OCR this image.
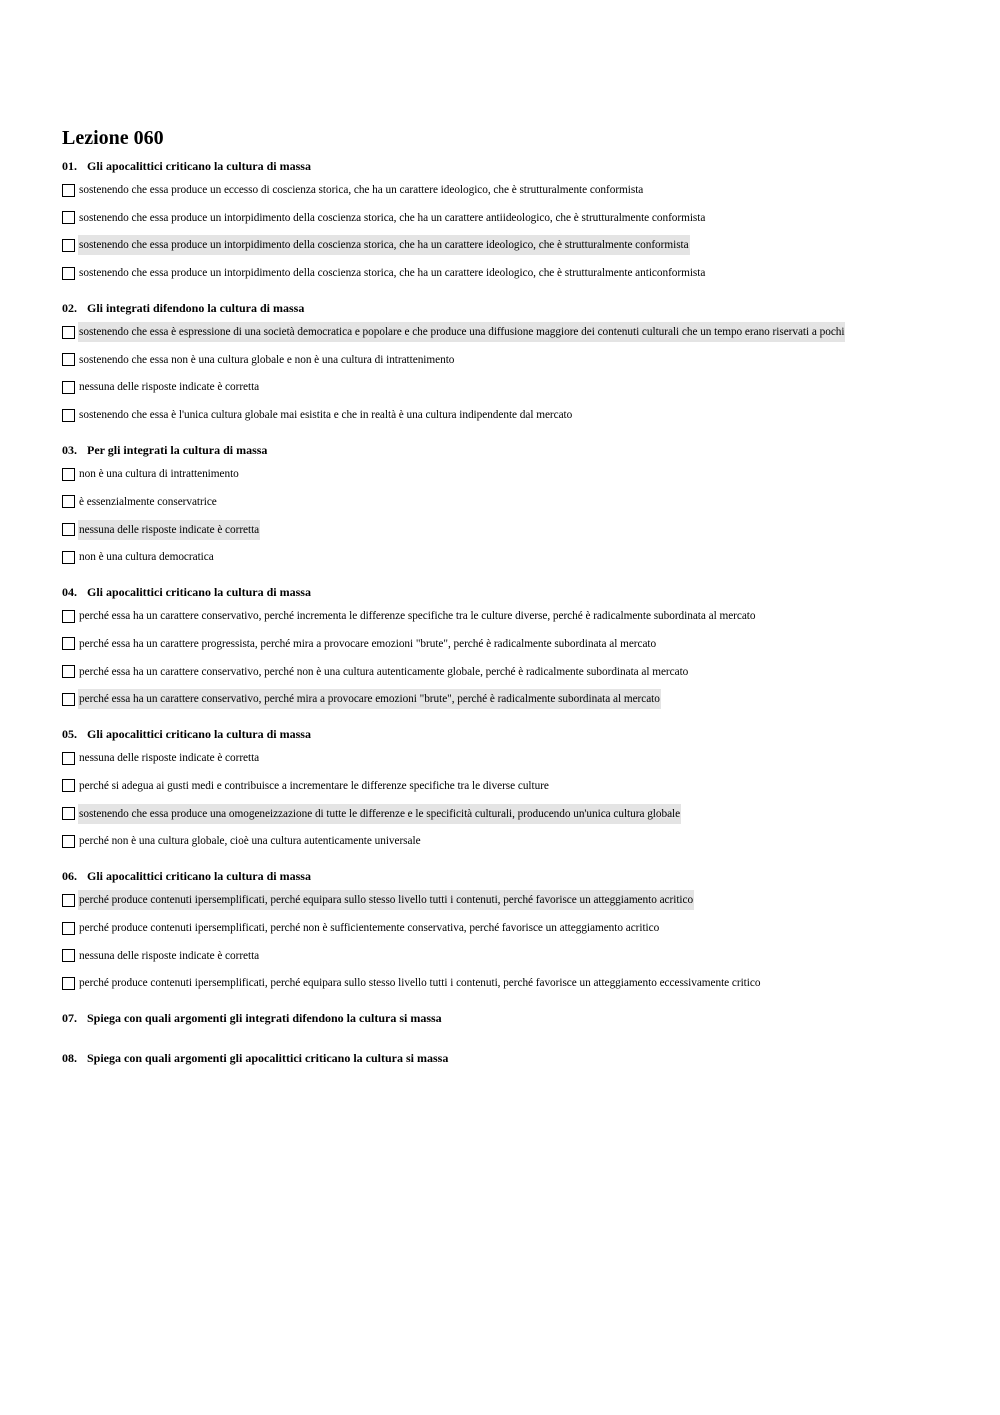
Lezione 060
01. Gli apocalittici criticano la cultura di massa
sostenendo che essa produce un eccesso di coscienza storica, che ha un carattere ideologico, che è strutturalmente conformista
sostenendo che essa produce un intorpidimento della coscienza storica, che ha un carattere antiideologico, che è strutturalmente conformista
sostenendo che essa produce un intorpidimento della coscienza storica, che ha un carattere ideologico, che è strutturalmente conformista
sostenendo che essa produce un intorpidimento della coscienza storica, che ha un carattere ideologico, che è strutturalmente anticonformista
02. Gli integrati difendono la cultura di massa
sostenendo che essa è espressione di una società democratica e popolare e che produce una diffusione maggiore dei contenuti culturali che un tempo erano riservati a pochi
sostenendo che essa non è una cultura globale e non è una cultura di intrattenimento
nessuna delle risposte indicate è corretta
sostenendo che essa è l'unica cultura globale mai esistita e che in realtà è una cultura indipendente dal mercato
03. Per gli integrati la cultura di massa
non è una cultura di intrattenimento
è essenzialmente conservatrice
nessuna delle risposte indicate è corretta
non è una cultura democratica
04. Gli apocalittici criticano la cultura di massa
perché essa ha un carattere conservativo, perché incrementa le differenze specifiche tra le culture diverse, perché è radicalmente subordinata al mercato
perché essa ha un carattere progressista, perché mira a provocare emozioni "brute", perché è radicalmente subordinata al mercato
perché essa ha un carattere conservativo, perché non è una cultura autenticamente globale, perché è radicalmente subordinata al mercato
perché essa ha un carattere conservativo, perché mira a provocare emozioni "brute", perché è radicalmente subordinata al mercato
05. Gli apocalittici criticano la cultura di massa
nessuna delle risposte indicate è corretta
perché si adegua ai gusti medi e contribuisce a incrementare le differenze specifiche tra le diverse culture
sostenendo che essa produce una omogeneizzazione di tutte le differenze e le specificità culturali, producendo un'unica cultura globale
perché non è una cultura globale, cioè una cultura autenticamente universale
06. Gli apocalittici criticano la cultura di massa
perché produce contenuti ipersemplificati, perché equipara sullo stesso livello tutti i contenuti, perché favorisce un atteggiamento acritico
perché produce contenuti ipersemplificati, perché non è sufficientemente conservativa, perché favorisce un atteggiamento acritico
nessuna delle risposte indicate è corretta
perché produce contenuti ipersemplificati, perché equipara sullo stesso livello tutti i contenuti, perché favorisce un atteggiamento eccessivamente critico
07. Spiega con quali argomenti gli integrati difendono la cultura si massa
08. Spiega con quali argomenti gli apocalittici criticano la cultura si massa
